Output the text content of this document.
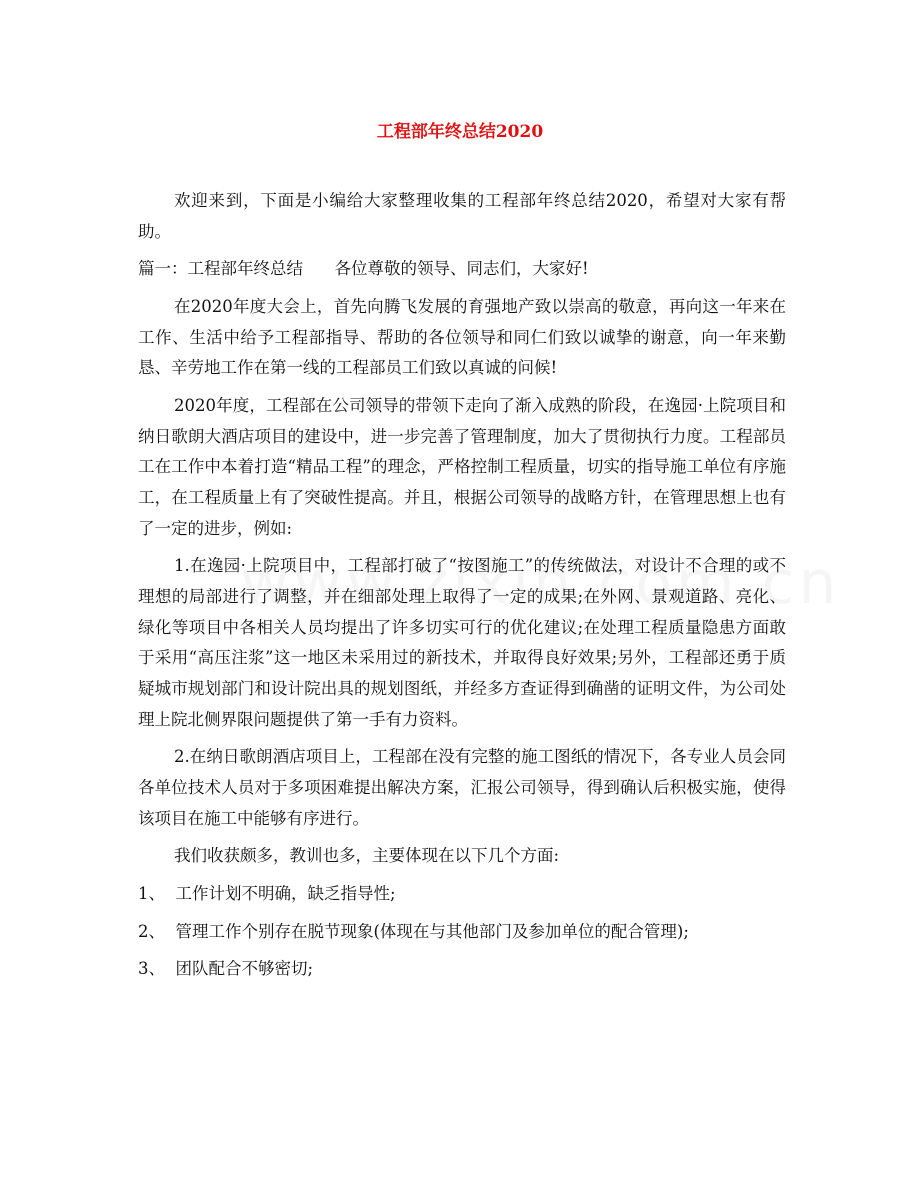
工程部年终总结2020

欢迎来到，下面是小编给大家整理收集的工程部年终总结2020，希望对大家有帮助。

篇一：工程部年终总结      各位尊敬的领导、同志们，大家好!

在2020年度大会上，首先向腾飞发展的育强地产致以崇高的敬意，再向这一年来在工作、生活中给予工程部指导、帮助的各位领导和同仁们致以诚挚的谢意，向一年来勤恳、辛劳地工作在第一线的工程部员工们致以真诚的问候!

2020年度，工程部在公司领导的带领下走向了渐入成熟的阶段，在逸园·上院项目和纳日歌朗大酒店项目的建设中，进一步完善了管理制度，加大了贯彻执行力度。工程部员工在工作中本着打造“精品工程”的理念，严格控制工程质量，切实的指导施工单位有序施工，在工程质量上有了突破性提高。并且，根据公司领导的战略方针，在管理思想上也有了一定的进步，例如:

1.在逸园·上院项目中，工程部打破了“按图施工”的传统做法，对设计不合理的或不理想的局部进行了调整，并在细部处理上取得了一定的成果;在外网、景观道路、亮化、绿化等项目中各相关人员均提出了许多切实可行的优化建议;在处理工程质量隐患方面敢于采用“高压注浆”这一地区未采用过的新技术，并取得良好效果;另外，工程部还勇于质疑城市规划部门和设计院出具的规划图纸，并经多方查证得到确凿的证明文件，为公司处理上院北侧界限问题提供了第一手有力资料。

2.在纳日歌朗酒店项目上，工程部在没有完整的施工图纸的情况下，各专业人员会同各单位技术人员对于多项困难提出解决方案，汇报公司领导，得到确认后积极实施，使得该项目在施工中能够有序进行。

我们收获颇多，教训也多，主要体现在以下几个方面:

1、  工作计划不明确，缺乏指导性;

2、  管理工作个别存在脱节现象(体现在与其他部门及参加单位的配合管理);

3、  团队配合不够密切;
